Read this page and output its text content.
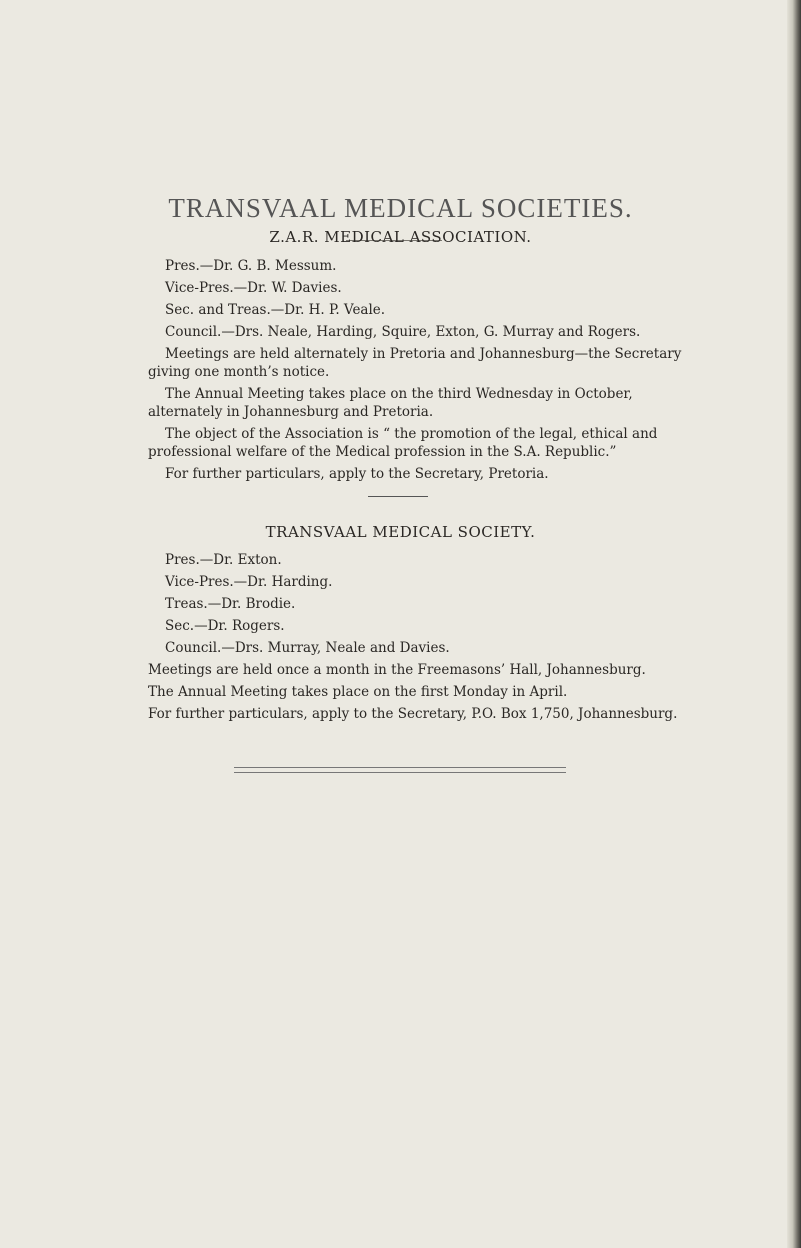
TRANSVAAL MEDICAL SOCIETIES.
Z.A.R. MEDICAL ASSOCIATION.

Pres.—Dr. G. B. Messum.

Vice-Pres.—Dr. W. Davies.

Sec. and Treas.—Dr. H. P. Veale.

Council.—Drs. Neale, Harding, Squire, Exton, G. Murray and Rogers.

Meetings are held alternately in Pretoria and Johannesburg—the Secretary

giving one month’s notice.

The Annual Meeting takes place on the third Wednesday in October,

alternately in Johannesburg and Pretoria.

The object of the Association is “ the promotion of the legal, ethical and

professional welfare of the Medical profession in the S.A. Republic.”

For further particulars, apply to the Secretary, Pretoria.

TRANSVAAL MEDICAL SOCIETY.

Pres.—Dr. Exton.

Vice-Pres.—Dr. Harding.

Treas.—Dr. Brodie.

Sec.—Dr. Rogers.

Council.—Drs. Murray, Neale and Davies.

Meetings are held once a month in the Freemasons’ Hall, Johannesburg.

The Annual Meeting takes place on the first Monday in April.

For further particulars, apply to the Secretary, P.O. Box 1,750, Johannesburg.
